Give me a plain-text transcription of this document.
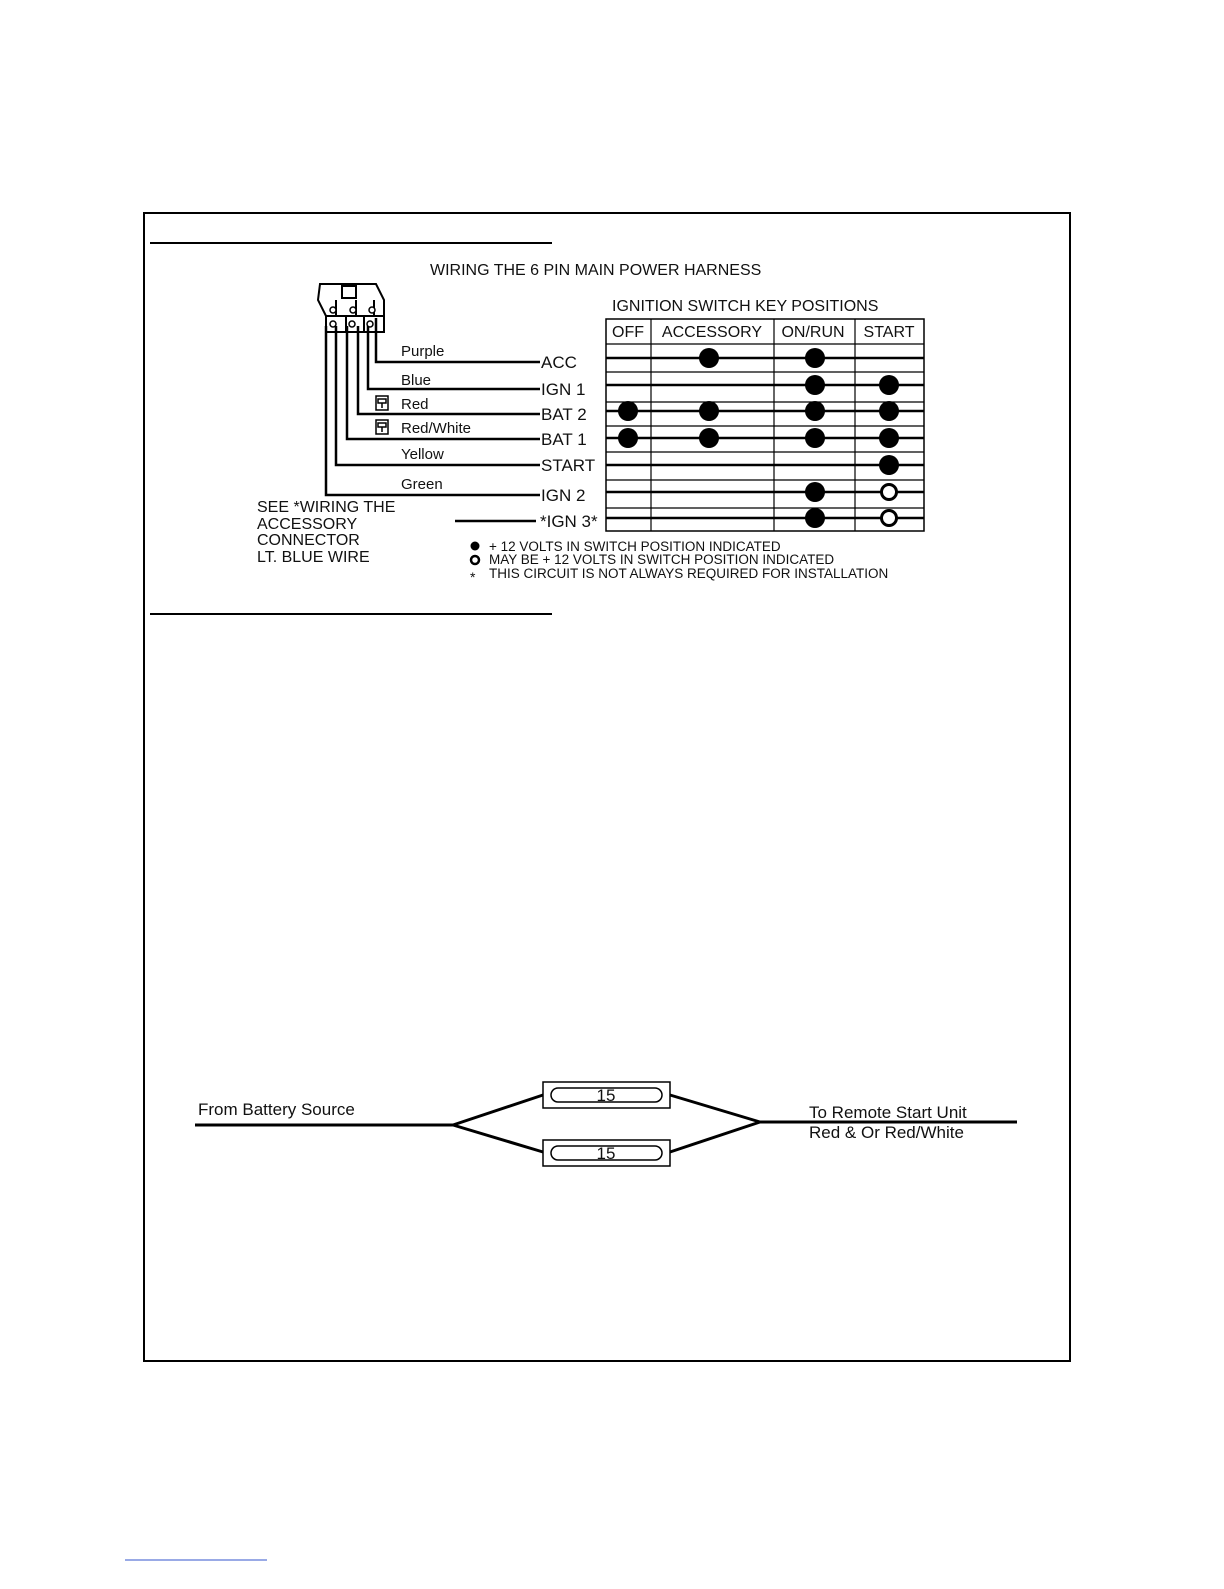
WIRING THE 6 PIN MAIN POWER HARNESS
IGNITION SWITCH KEY POSITIONS
Purple
Blue
Red
Red/White
Yellow
Green
ACC
IGN 1
BAT 2
BAT 1
START
IGN 2
*IGN 3*
SEE *WIRING THE
ACCESSORY
CONNECTOR
LT. BLUE WIRE
OFF ACCESSORY ON/RUN START
*
+ 12 VOLTS IN SWITCH POSITION INDICATED
MAY BE + 12 VOLTS IN SWITCH POSITION INDICATED
THIS CIRCUIT IS NOT ALWAYS REQUIRED FOR INSTALLATION
15
15
From Battery Source	To Remote Start Unit
Red & Or Red/White
